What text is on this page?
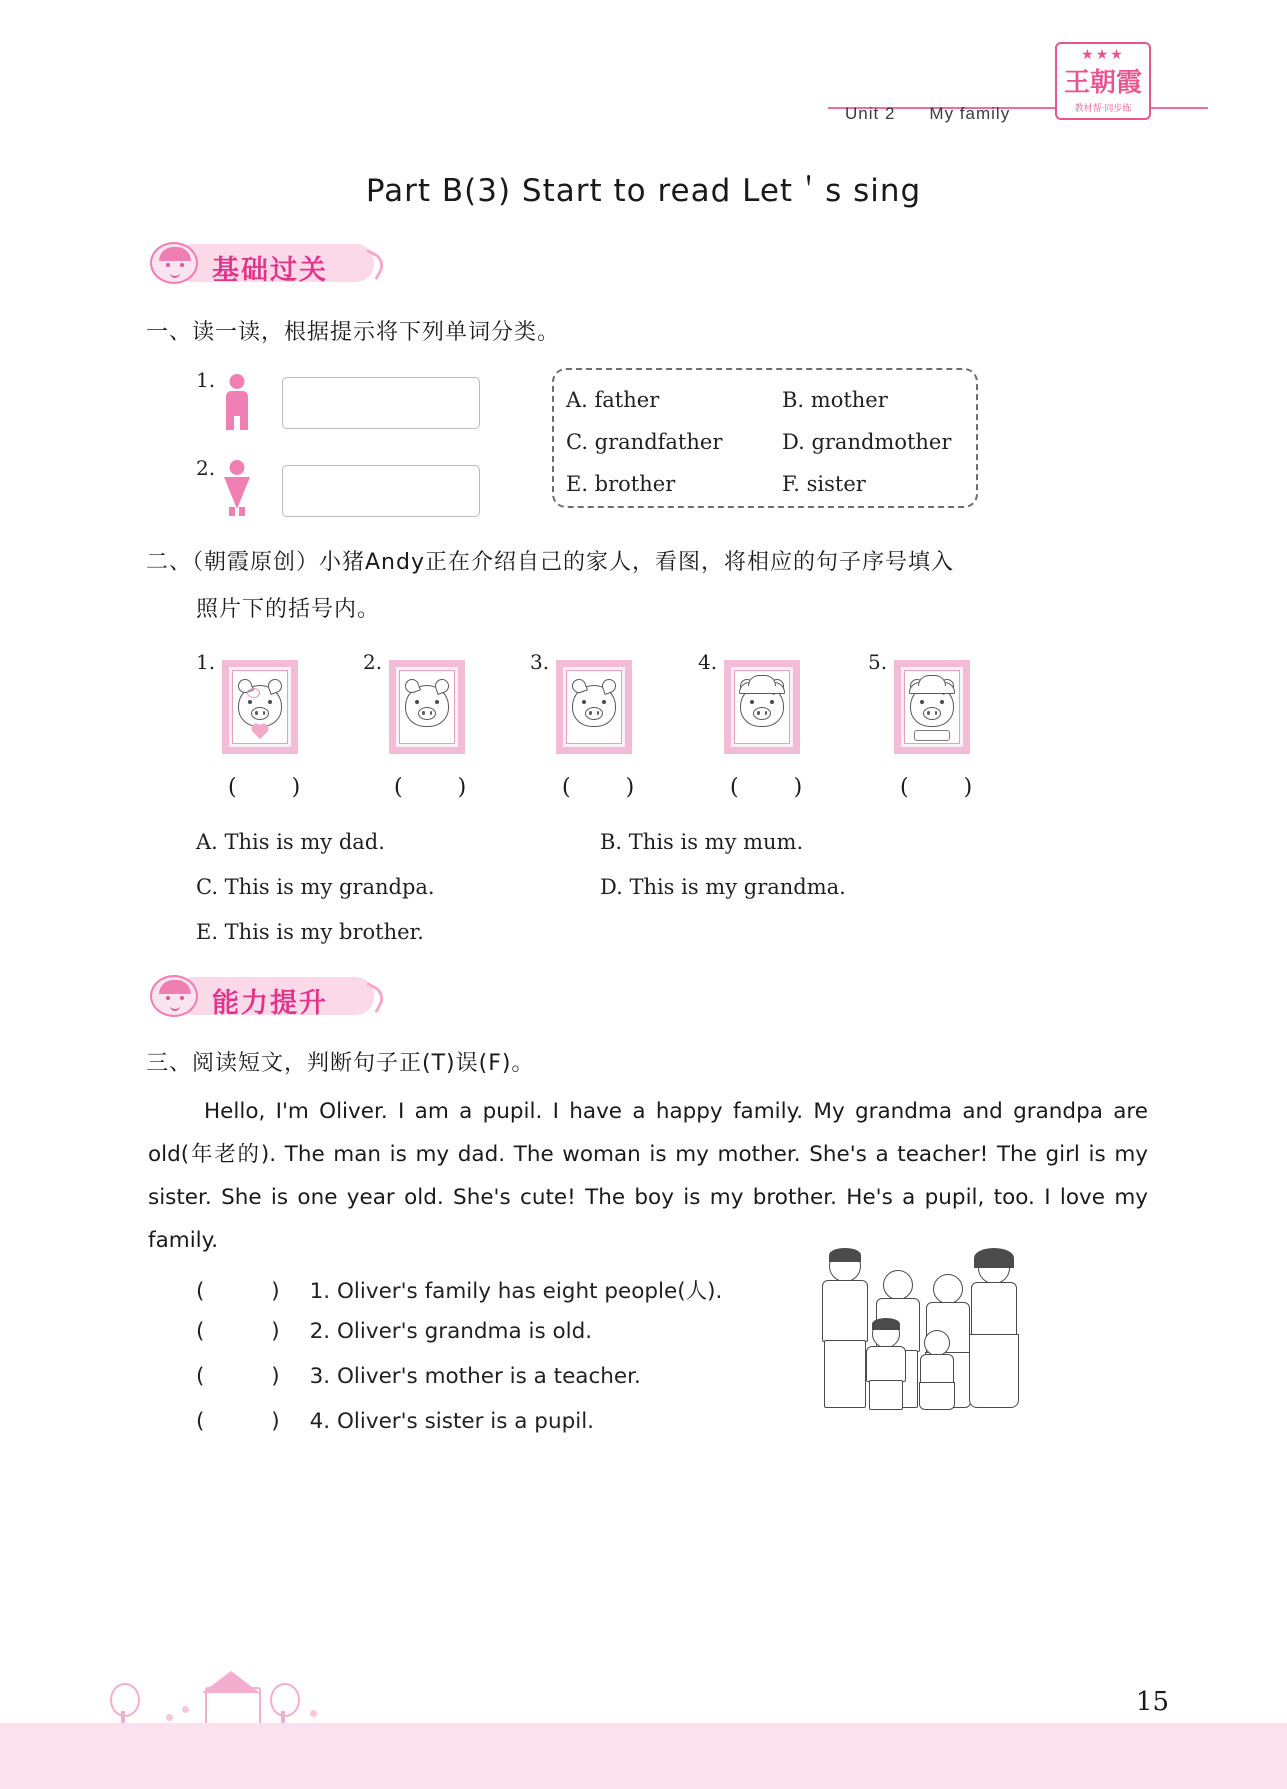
Unit 2 My family
★★★
王朝霞
教材帮·同步练
Part B(3) Start to read Let＇s sing
基础过关
一、读一读，根据提示将下列单词分类。
1.
2.
A. father	B. mother
C. grandfather	D. grandmother
E. brother	F. sister
二、（朝霞原创）小猪Andy正在介绍自己的家人，看图，将相应的句子序号填入
照片下的括号内。
1.	2.	3.	4.	5.
( )	( )	( )	( )	( )
A. This is my dad.	B. This is my mum.
C. This is my grandpa.	D. This is my grandma.
E. This is my brother.
能力提升
三、阅读短文，判断句子正(T)误(F)。
Hello, I'm Oliver. I am a pupil. I have a happy family. My grandma and grandpa are old(年老的). The man is my dad. The woman is my mother. She's a teacher! The girl is my sister. She is one year old. She's cute! The boy is my brother. He's a pupil, too. I love my family.
( )1. Oliver's family has eight people(人).
( )2. Oliver's grandma is old.
( )3. Oliver's mother is a teacher.
( )4. Oliver's sister is a pupil.
15
